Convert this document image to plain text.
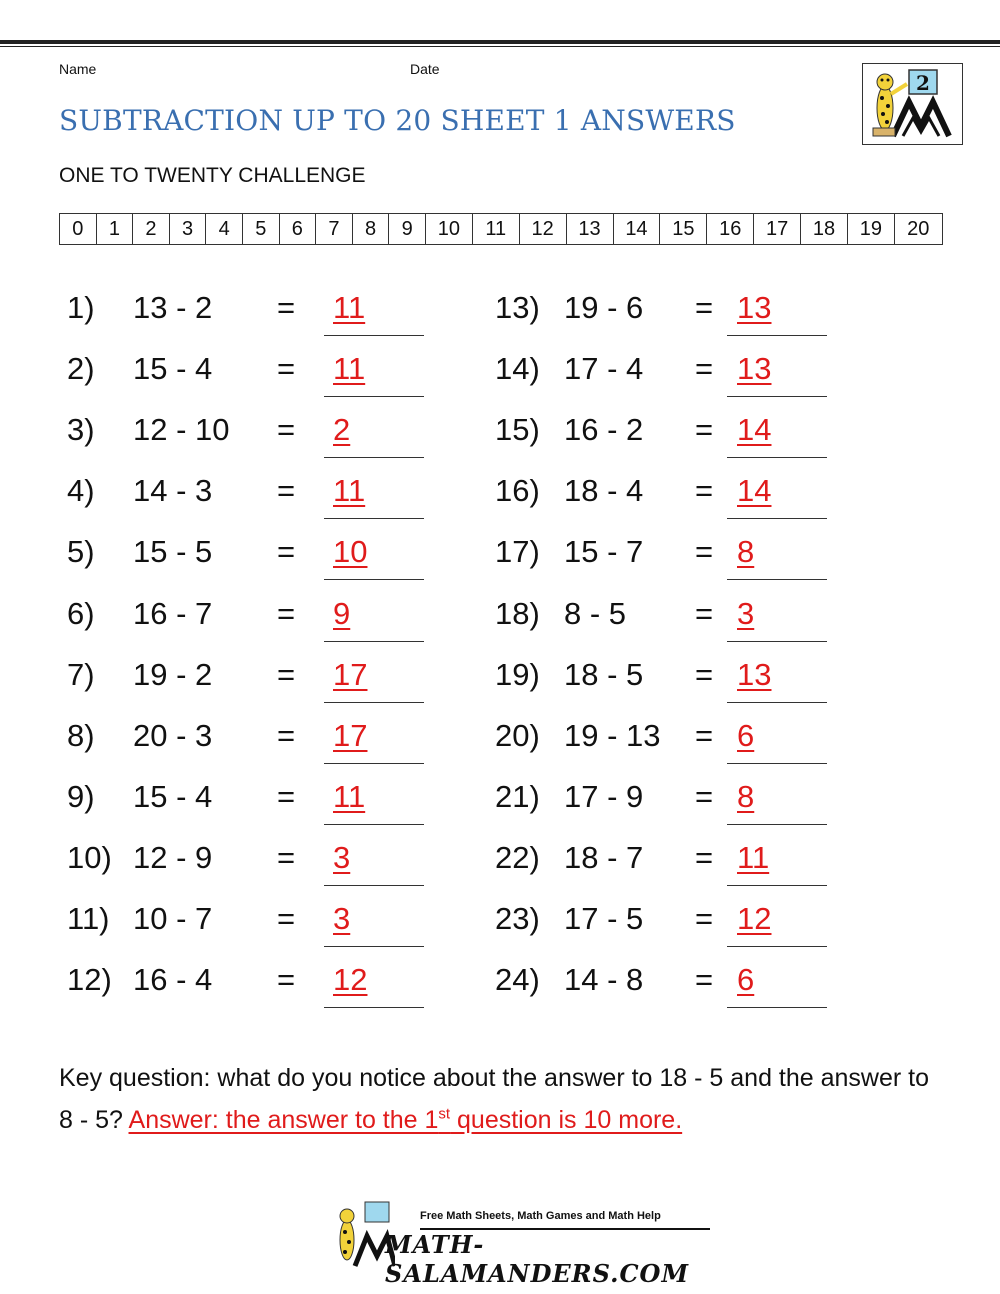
Name	Date
SUBTRACTION UP TO 20 SHEET 1 ANSWERS
ONE TO TWENTY CHALLENGE
2
0	1	2	3	4	5	6	7	8	9	10	11	12	13	14	15	16	17	18	19	20
1) 13 - 2 = 11
2) 15 - 4 = 11
3) 12 - 10 = 2
4) 14 - 3 = 11
5) 15 - 5 = 10
6) 16 - 7 = 9
7) 19 - 2 = 17
8) 20 - 3 = 17
9) 15 - 4 = 11
10) 12 - 9 = 3
11) 10 - 7 = 3
12) 16 - 4 = 12
13) 19 - 6 = 13
14) 17 - 4 = 13
15) 16 - 2 = 14
16) 18 - 4 = 14
17) 15 - 7 = 8
18) 8 - 5 = 3
19) 18 - 5 = 13
20) 19 - 13 = 6
21) 17 - 9 = 8
22) 18 - 7 = 11
23) 17 - 5 = 12
24) 14 - 8 = 6
Key question: what do you notice about the answer to 18 - 5 and the answer to 8 - 5? Answer: the answer to the 1st question is 10 more.
Free Math Sheets, Math Games and Math Help
MATH-SALAMANDERS.COM
